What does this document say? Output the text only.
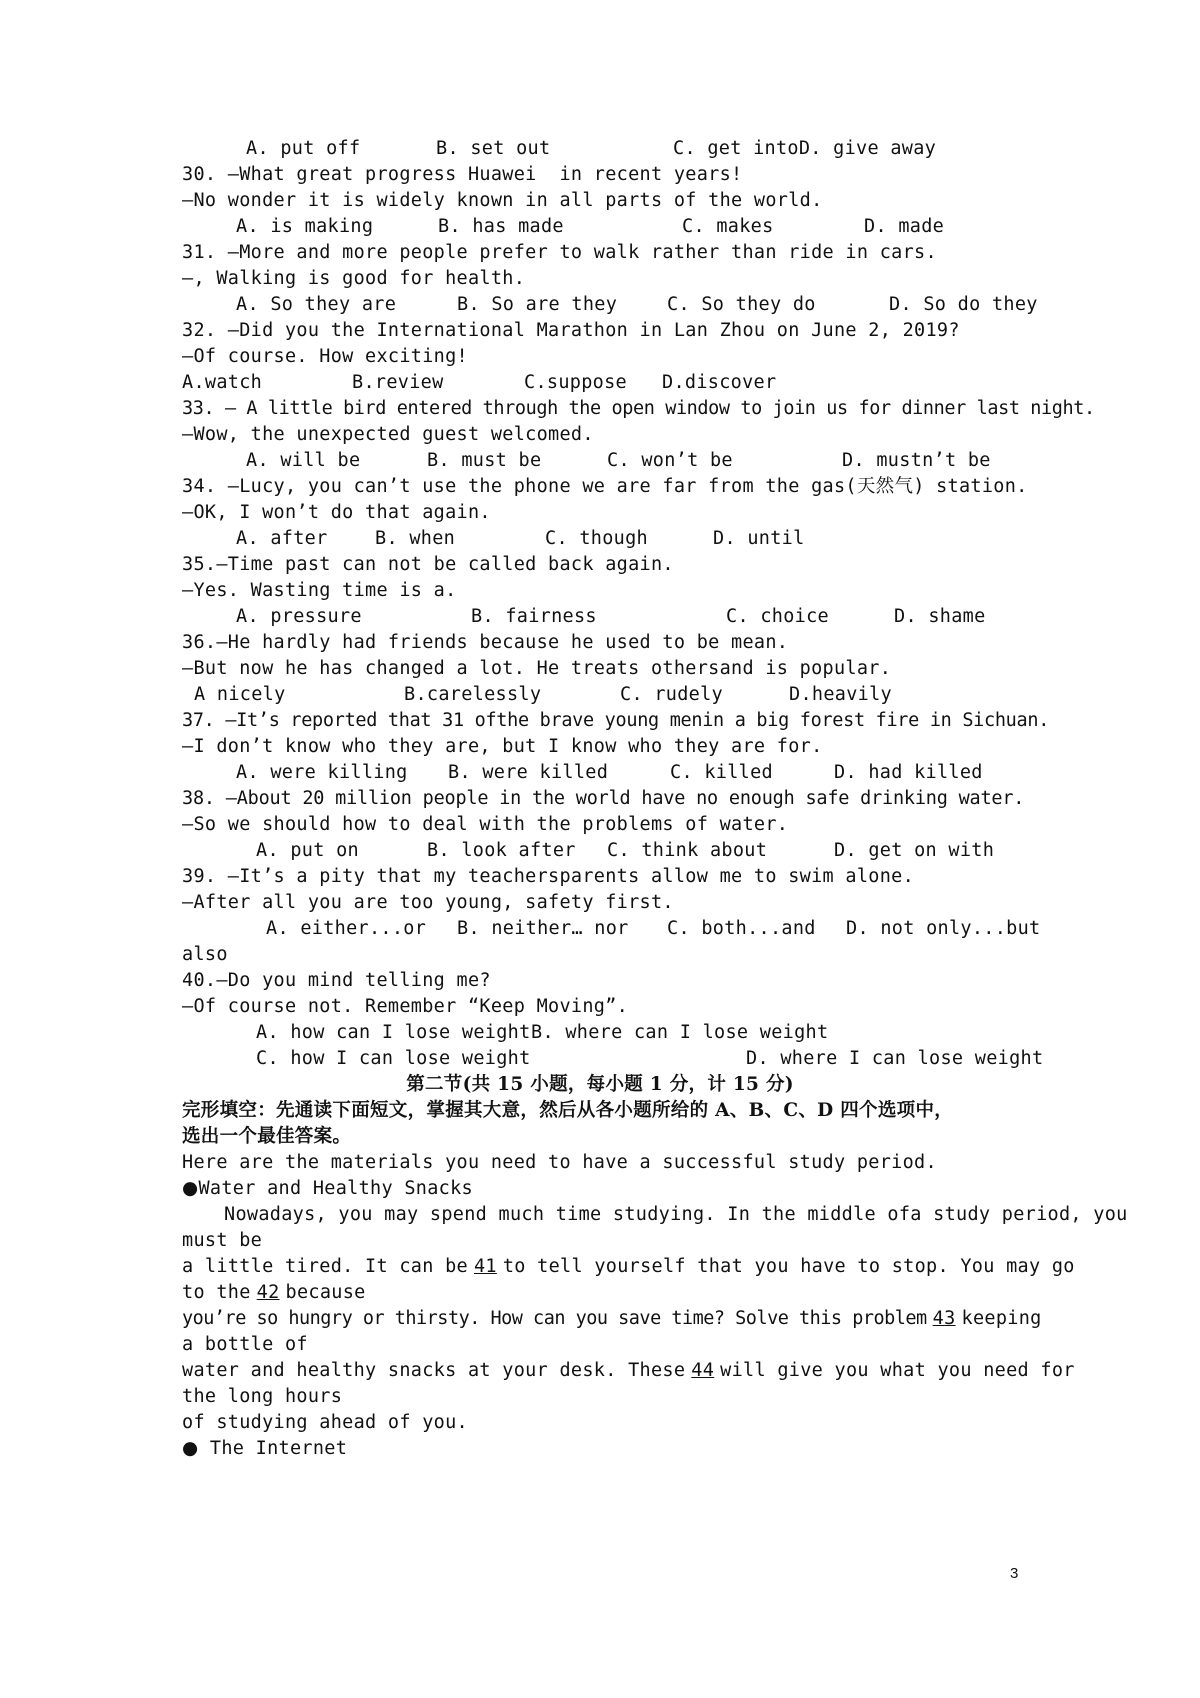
A. put off

	B. set out

	C. get intoD. give away

30. —What great progress Huawei  in recent years!
—No wonder it is widely known in all parts of the world.

A. is making

	B. has made

	C. makes

	D. made

31. —More and more people prefer to walk rather than ride in cars.
—, Walking is good for health.

A. So they are

	B. So are they

	C. So they do

	D. So do they

32. —Did you the International Marathon in Lan Zhou on June 2, 2019?
—Of course. How exciting!

A.watch

	B.review

	C.suppose

D.discover

33. — A little bird entered through the open window to join us for dinner last night.
—Wow, the unexpected guest welcomed.

A. will be

	B. must be

	C. won’t be

	D. mustn’t be

34. —Lucy, you can’t use the phone we are far from the gas(天然气) station.
—OK, I won’t do that again.

A. after

	B. when

	C. though

	D. until

35.—Time past can not be called back again.
—Yes. Wasting time is a.

A. pressure

	B. fairness

	C. choice

	D. shame

36.—He hardly had friends because he used to be mean.
—But now he has changed a lot. He treats othersand is popular.

A nicely

	B.carelessly

	C. rudely

	D.heavily

37. —It’s reported that 31 ofthe brave young menin a big forest fire in Sichuan.
—I don’t know who they are, but I know who they are for.

A. were killing

B. were killed

	C. killed

	D. had killed

38. —About 20 million people in the world have no enough safe drinking water.
—So we should how to deal with the problems of water.

A. put on

	B. look after

C. think about

	D. get on with

39. —It’s a pity that my teachersparents allow me to swim alone.
—After all you are too young, safety first.

A. either...or

B. neither… nor

C. both...and

D. not only...but

also
40.—Do you mind telling me?
—Of course not. Remember “Keep Moving”.

A. how can I lose weight

B. where can I lose weight

C. how I can lose weight

	D. where I can lose weight

第二节(共 15 小题，每小题 1 分，计 15 分)
完形填空：先通读下面短文，掌握其大意，然后从各小题所给的 A、B、C、D 四个选项中，
选出一个最佳答案。
Here are the materials you need to have a successful study period.
●Water and Healthy Snacks
Nowadays, you may spend much time studying. In the middle ofa study period, you
must be
a little tired. It can be 41 to tell yourself that you have to stop. You may go
to the 42 because
you’re so hungry or thirsty. How can you save time? Solve this problem 43 keeping
a bottle of
water and healthy snacks at your desk. These 44 will give you what you need for
the long hours
of studying ahead of you.
● The Internet
3
